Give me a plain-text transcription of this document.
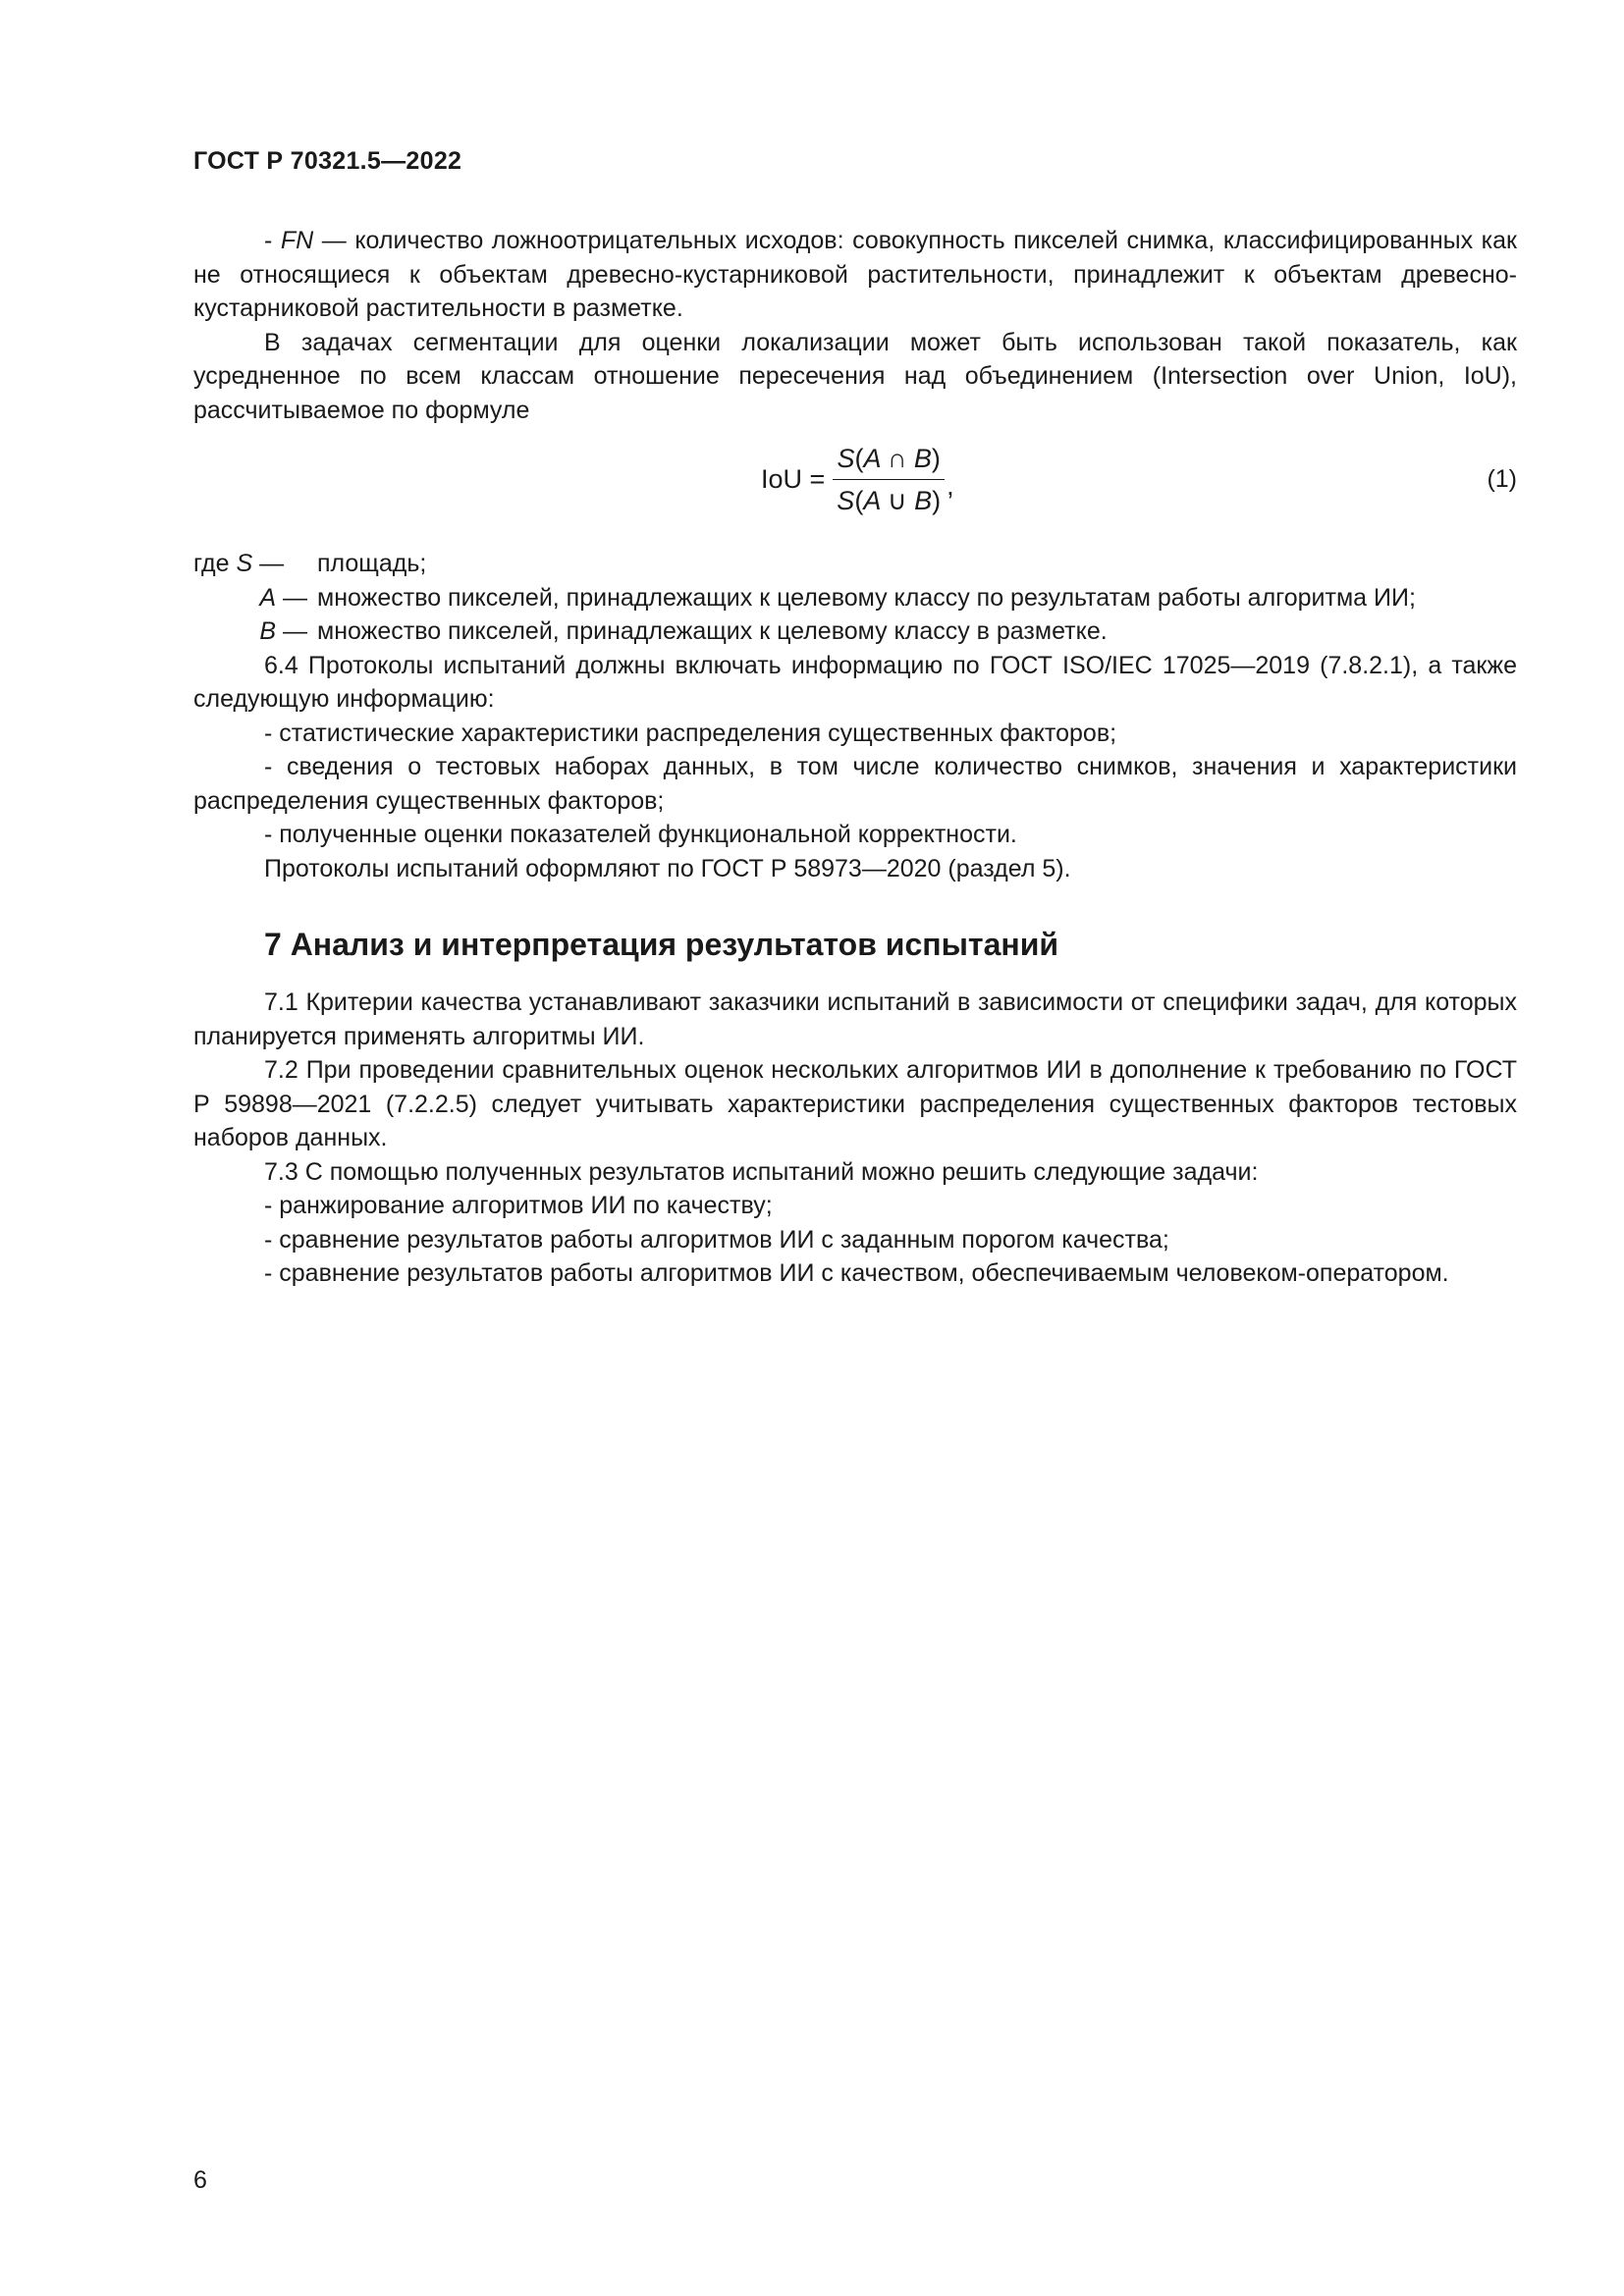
ГОСТ Р 70321.5—2022

- FN — количество ложноотрицательных исходов: совокупность пикселей снимка, классифицированных как не относящиеся к объектам древесно-кустарниковой растительности, принадлежит к объектам древесно-кустарниковой растительности в разметке.

В задачах сегментации для оценки локализации может быть использован такой показатель, как усредненное по всем классам отношение пересечения над объединением (Intersection over Union, IoU), рассчитываемое по формуле

IoU = $\frac{S(A \cap B)}{S(A \cup B)}$ ,	(1)
где S —	площадь;
A — множество пикселей, принадлежащих к целевому классу по результатам работы алгоритма ИИ;
B — множество пикселей, принадлежащих к целевому классу в разметке.

6.4 Протоколы испытаний должны включать информацию по ГОСТ ISO/IEC 17025—2019 (7.8.2.1), а также следующую информацию:

- статистические характеристики распределения существенных факторов;

- сведения о тестовых наборах данных, в том числе количество снимков, значения и характеристики распределения существенных факторов;

- полученные оценки показателей функциональной корректности.

Протоколы испытаний оформляют по ГОСТ Р 58973—2020 (раздел 5).

7 Анализ и интерпретация результатов испытаний

7.1 Критерии качества устанавливают заказчики испытаний в зависимости от специфики задач, для которых планируется применять алгоритмы ИИ.

7.2 При проведении сравнительных оценок нескольких алгоритмов ИИ в дополнение к требованию по ГОСТ Р 59898—2021 (7.2.2.5) следует учитывать характеристики распределения существенных факторов тестовых наборов данных.

7.3 С помощью полученных результатов испытаний можно решить следующие задачи:

- ранжирование алгоритмов ИИ по качеству;

- сравнение результатов работы алгоритмов ИИ с заданным порогом качества;

- сравнение результатов работы алгоритмов ИИ с качеством, обеспечиваемым человеком-оператором.

6
